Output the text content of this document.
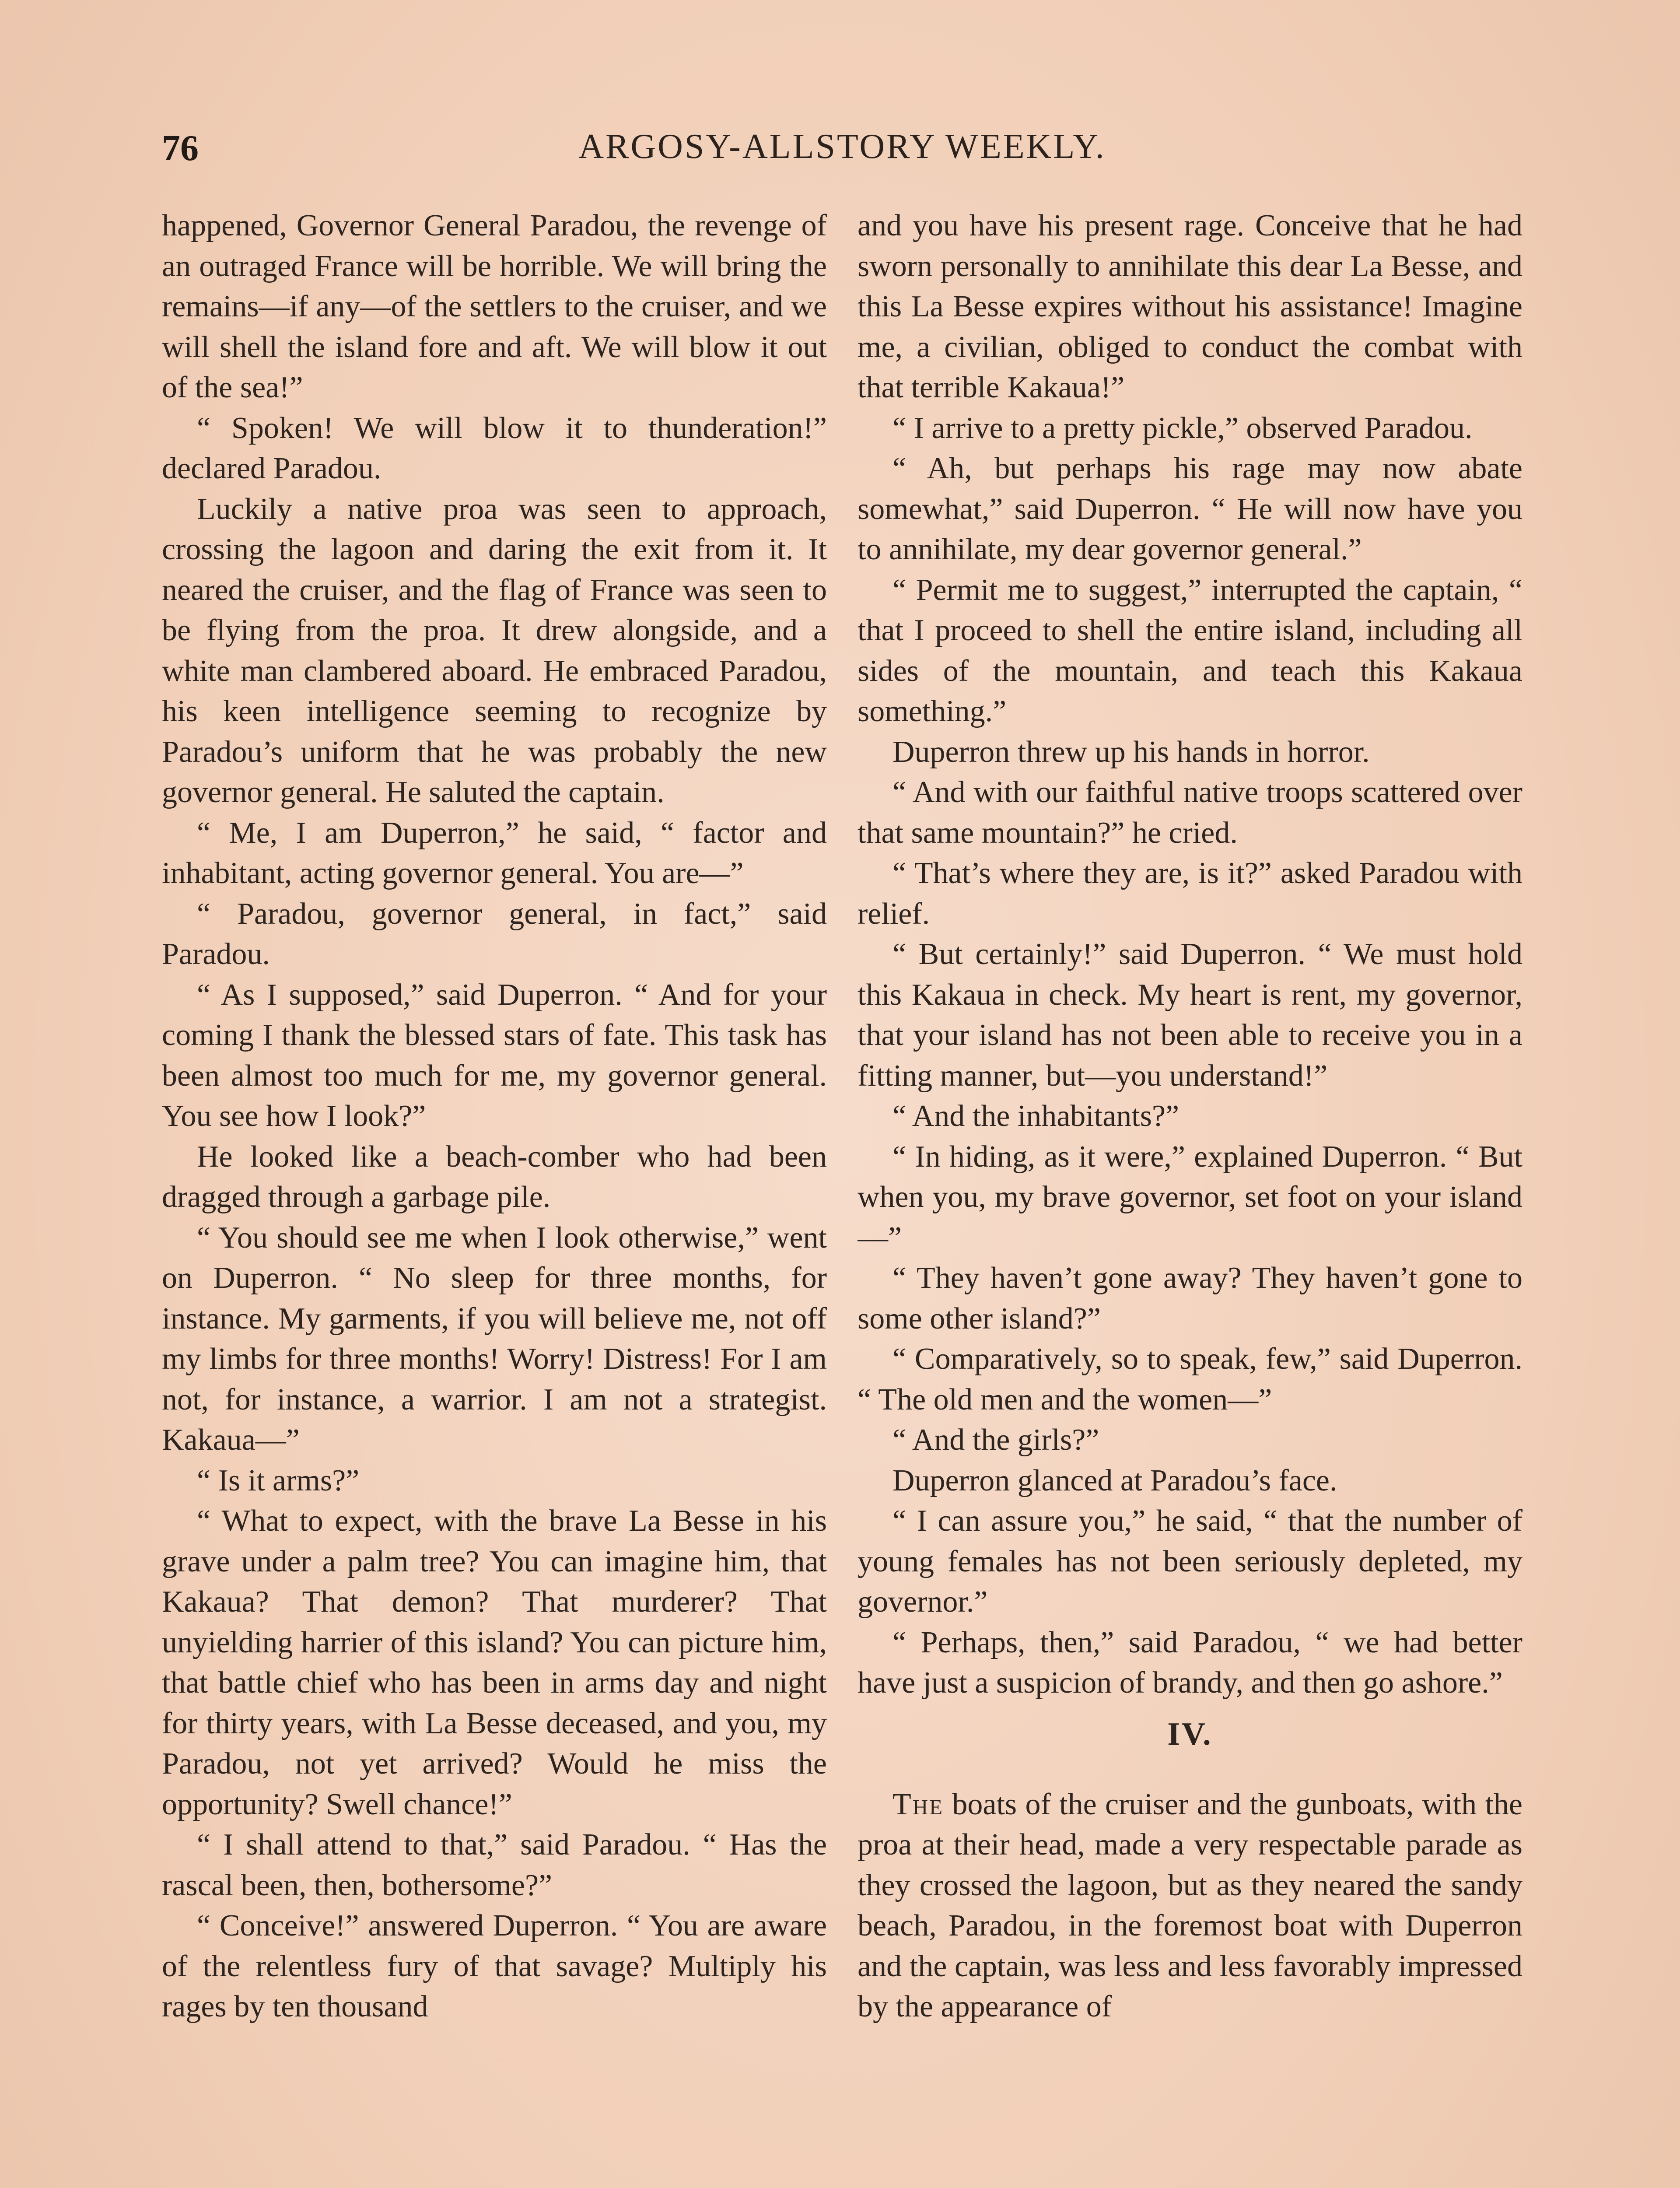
76	ARGOSY-ALLSTORY WEEKLY.

happened, Governor General Paradou, the revenge of an outraged France will be horrible. We will bring the remains—if any—of the settlers to the cruiser, and we will shell the island fore and aft. We will blow it out of the sea!”

“ Spoken! We will blow it to thunderation!” declared Paradou.

Luckily a native proa was seen to approach, crossing the lagoon and daring the exit from it. It neared the cruiser, and the flag of France was seen to be flying from the proa. It drew alongside, and a white man clambered aboard. He embraced Paradou, his keen intelligence seeming to recognize by Paradou’s uniform that he was probably the new governor general. He saluted the captain.

“ Me, I am Duperron,” he said, “ factor and inhabitant, acting governor general. You are—”

“ Paradou, governor general, in fact,” said Paradou.

“ As I supposed,” said Duperron. “ And for your coming I thank the blessed stars of fate. This task has been almost too much for me, my governor general. You see how I look?”

He looked like a beach-comber who had been dragged through a garbage pile.

“ You should see me when I look otherwise,” went on Duperron. “ No sleep for three months, for instance. My garments, if you will believe me, not off my limbs for three months! Worry! Distress! For I am not, for instance, a warrior. I am not a strategist. Kakaua—”

“ Is it arms?”

“ What to expect, with the brave La Besse in his grave under a palm tree? You can imagine him, that Kakaua? That demon? That murderer? That unyielding harrier of this island? You can picture him, that battle chief who has been in arms day and night for thirty years, with La Besse deceased, and you, my Paradou, not yet arrived? Would he miss the opportunity? Swell chance!”

“ I shall attend to that,” said Paradou. “ Has the rascal been, then, bothersome?”

“ Conceive!” answered Duperron. “ You are aware of the relentless fury of that savage? Multiply his rages by ten thousand

and you have his present rage. Conceive that he had sworn personally to annihilate this dear La Besse, and this La Besse expires without his assistance! Imagine me, a civilian, obliged to conduct the combat with that terrible Kakaua!”

“ I arrive to a pretty pickle,” observed Paradou.

“ Ah, but perhaps his rage may now abate somewhat,” said Duperron. “ He will now have you to annihilate, my dear governor general.”

“ Permit me to suggest,” interrupted the captain, “ that I proceed to shell the entire island, including all sides of the mountain, and teach this Kakaua something.”

Duperron threw up his hands in horror.

“ And with our faithful native troops scattered over that same mountain?” he cried.

“ That’s where they are, is it?” asked Paradou with relief.

“ But certainly!” said Duperron. “ We must hold this Kakaua in check. My heart is rent, my governor, that your island has not been able to receive you in a fitting manner, but—you understand!”

“ And the inhabitants?”

“ In hiding, as it were,” explained Duperron. “ But when you, my brave governor, set foot on your island—”

“ They haven’t gone away? They haven’t gone to some other island?”

“ Comparatively, so to speak, few,” said Duperron. “ The old men and the women—”

“ And the girls?”

Duperron glanced at Paradou’s face.

“ I can assure you,” he said, “ that the number of young females has not been seriously depleted, my governor.”

“ Perhaps, then,” said Paradou, “ we had better have just a suspicion of brandy, and then go ashore.”

IV.

The boats of the cruiser and the gunboats, with the proa at their head, made a very respectable parade as they crossed the lagoon, but as they neared the sandy beach, Paradou, in the foremost boat with Duperron and the captain, was less and less favorably impressed by the appearance of
